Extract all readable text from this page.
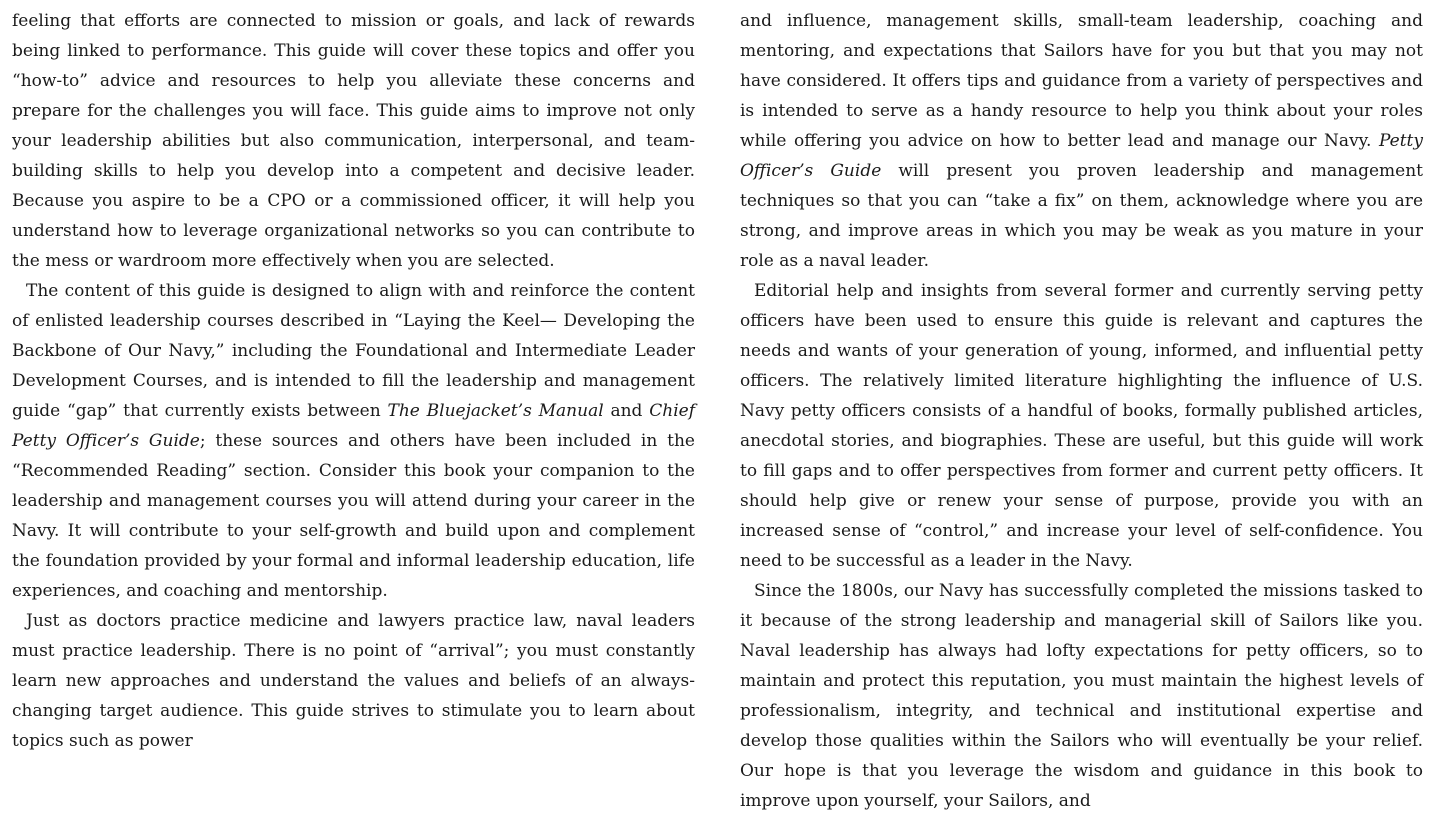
feeling that efforts are connected to mission or goals, and lack of rewards being linked to performance. This guide will cover these topics and offer you “how-to” advice and resources to help you alleviate these concerns and prepare for the challenges you will face. This guide aims to improve not only your leadership abilities but also communication, interpersonal, and team-building skills to help you develop into a competent and decisive leader. Because you aspire to be a CPO or a commissioned officer, it will help you understand how to leverage organizational networks so you can contribute to the mess or wardroom more effectively when you are selected.

The content of this guide is designed to align with and reinforce the content of enlisted leadership courses described in “Laying the Keel— Developing the Backbone of Our Navy,” including the Foundational and Intermediate Leader Development Courses, and is intended to fill the leadership and management guide “gap” that currently exists between The Bluejacket’s Manual and Chief Petty Officer’s Guide; these sources and others have been included in the “Recommended Reading” section. Consider this book your companion to the leadership and management courses you will attend during your career in the Navy. It will contribute to your self-growth and build upon and complement the foundation provided by your formal and informal leadership education, life experiences, and coaching and mentorship.

Just as doctors practice medicine and lawyers practice law, naval leaders must practice leadership. There is no point of “arrival”; you must constantly learn new approaches and understand the values and beliefs of an always-changing target audience. This guide strives to stimulate you to learn about topics such as power

and influence, management skills, small-team leadership, coaching and mentoring, and expectations that Sailors have for you but that you may not have considered. It offers tips and guidance from a variety of perspectives and is intended to serve as a handy resource to help you think about your roles while offering you advice on how to better lead and manage our Navy. Petty Officer’s Guide will present you proven leadership and management techniques so that you can “take a fix” on them, acknowledge where you are strong, and improve areas in which you may be weak as you mature in your role as a naval leader.

Editorial help and insights from several former and currently serving petty officers have been used to ensure this guide is relevant and captures the needs and wants of your generation of young, informed, and influential petty officers. The relatively limited literature highlighting the influence of U.S. Navy petty officers consists of a handful of books, formally published articles, anecdotal stories, and biographies. These are useful, but this guide will work to fill gaps and to offer perspectives from former and current petty officers. It should help give or renew your sense of purpose, provide you with an increased sense of “control,” and increase your level of self-confidence. You need to be successful as a leader in the Navy.

Since the 1800s, our Navy has successfully completed the missions tasked to it because of the strong leadership and managerial skill of Sailors like you. Naval leadership has always had lofty expectations for petty officers, so to maintain and protect this reputation, you must maintain the highest levels of professionalism, integrity, and technical and institutional expertise and develop those qualities within the Sailors who will eventually be your relief. Our hope is that you leverage the wisdom and guidance in this book to improve upon yourself, your Sailors, and
